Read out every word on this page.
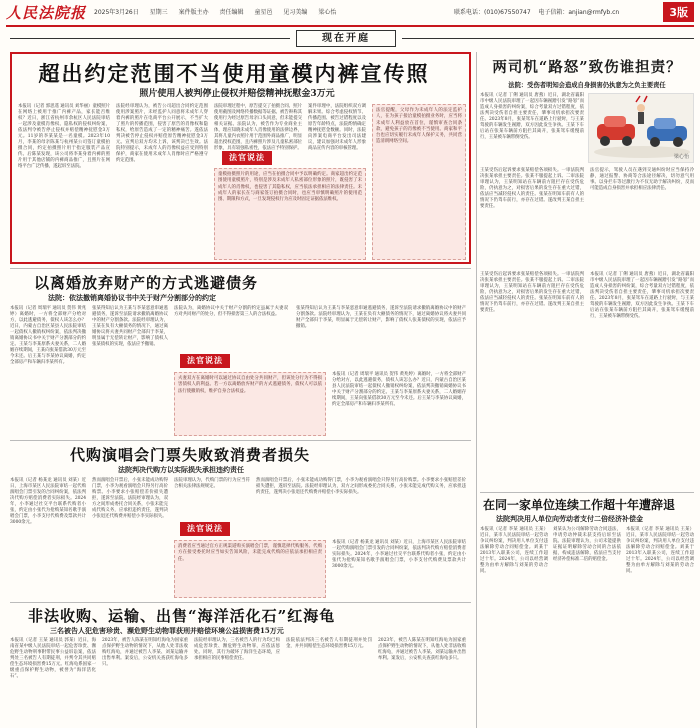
人民法院报 2025年3月26日 星期三 案件版主办 责任编辑 童星邑 见习美编 梁心怡	联系电话：(010)67550747 电子信箱：anjian@rmfyb.cn	3版
现在开庭
超出约定范围不当使用童模内裤宣传照
照片使用人被判停止侵权并赔偿精神抚慰金3万元
本报讯（记者 郭思遥 通讯员 刘华丽）童模照片在网络上被用于推广内裤产品，家长能否维权？近日，浙江省杭州市余杭区人民法院审结一起涉及童模肖像权、隐私权的侵权纠纷案，依法判令被告停止侵权并赔偿精神抚慰金3万元。11岁的李某某是一名童模。2023年10月，李某的母亲陈某与杭州某公司签订童模拍摄合同，约定拍摄照片用于指定服装产品宣传。后陈某发现，该公司将李某身着内裤的照片用于其他店铺的内裤商品推广，且照片在网络平台广泛传播，遂起诉至法院。
法院经审理认为，被告公司超出合同约定范围使用涉案照片，未经监护人同意将未成年人穿着内裤的照片在电商平台公开展示，不当扩大了照片的传播范围，侵害了原告的肖像权和隐私权，给原告造成了一定的精神痛苦。遂依法判决被告停止侵权并赔偿原告精神抚慰金3万元。宣判后双方均未上诉，该判决已生效。法院特别提示，未成年人的肖像权益应受到特别保护，商家在使用未成年人肖像时应严格遵守约定范围。
法院审理过程中，原告提交了拍摄合同、照片使用截图及网络传播数据等证据。被告辩称其使用行为经过原告母亲口头同意，但未能提交相关证据。法院认为，被告作为专业商业主体，理应知晓未成年人肖像使用的法律边界，其将儿童内衣照片用于范围外商品推广，明显超出授权范围，且内裤照片涉及儿童私密部位形象，具有较强私密性，依法应予特别保护。
案件审理中，法院组织双方调解未果。综合考虑侵权情节、传播范围、被告过错程度以及原告年龄特点，法院酌情确定精神抚慰金数额。同时，法院向涉案电商平台发出司法建议，建议加强对未成年人形象商品宣传内容的审核管理。
法官说法
童模拍摄照片的用途，应当在拍摄合同中予以明确约定。商家超出约定范围使用童模照片，特别是涉及未成年人私密部位形象的照片，既侵害了未成年人的肖像权，也侵害了其隐私权，应当依法承担相应的法律责任。未成年人的家长在与商家签订拍摄合同时，也应当审慎明确照片的使用范围、期限和方式，一旦发现侵权行为应及时固定证据依法维权。
法官提醒，父母作为未成年人的法定监护人，在为孩子接洽童模拍摄业务时，应当将未成年人利益放在首位，谨慎审查合同条款，避免孩子的肖像被不当使用。商家和平台也应切实履行未成年人保护义务，共同营造清朗网络空间。
两司机“路怒”致伤谁担责？
法院：受伤者明知会造成自身损害仍执意为之负主要责任
梁心怡
本报讯（记者 丁俐 通讯员 唐燕）近日，湖北省襄阳市中级人民法院审理了一起因车辆剐蹭引发“路怒”而造成人身损害的纠纷案，综合考量双方过错程度，依法判决受伤者自担主要责任，肇事司机承担次要责任。2023年8月，张某驾车在道路上行驶时，与王某驾驶的车辆发生剐蹭，双方因此发生争执。王某下车后站在张某车辆前方阻拦其离开，张某驾车缓慢前行，王某被车辆带倒受伤。
王某受伤后起诉要求张某赔偿各项损失。一审法院判决张某承担主要责任。张某不服提起上诉。二审法院审理认为，王某明知站在车辆前方阻拦存在受伤危险，仍执意为之，对损害后果的发生存在重大过错，依法应当减轻侵权人的责任。张某在明知车前有人的情况下仍驾车前行，亦存在过错。遂改判王某自担主要责任。
法官提示，驾驶人员在遇到交通纠纷时应当保持冷静，通过报警、协商等合法途径解决，切勿意气用事。以身拦车等过激行为不仅无助于解决纠纷，反而可能造成自身损害并承担相应法律责任。
王某受伤后起诉要求张某赔偿各项损失。一审法院判决张某承担主要责任。张某不服提起上诉。二审法院审理认为，王某明知站在车辆前方阻拦存在受伤危险，仍执意为之，对损害后果的发生存在重大过错，依法应当减轻侵权人的责任。张某在明知车前有人的情况下仍驾车前行，亦存在过错。遂改判王某自担主要责任。
本报讯（记者 丁俐 通讯员 唐燕）近日，湖北省襄阳市中级人民法院审理了一起因车辆剐蹭引发“路怒”而造成人身损害的纠纷案，综合考量双方过错程度，依法判决受伤者自担主要责任，肇事司机承担次要责任。2023年8月，张某驾车在道路上行驶时，与王某驾驶的车辆发生剐蹭，双方因此发生争执。王某下车后站在张某车辆前方阻拦其离开，张某驾车缓慢前行，王某被车辆带倒受伤。
以离婚放弃财产的方式逃避债务
法院：依法撤销离婚协议书中关于财产分割部分的约定
本报讯（记者 周瑞平 通讯员 贺伟 黄兆婷）离婚时，一方将全部财产分给对方，以此逃避债务，债权人该怎么办？近日，内蒙古自治区某县人民法院审结一起债权人撤销权纠纷案，依法判决撤销离婚协议书中关于财产分割部分的约定。王某与李某原系夫妻关系，二人婚姻存续期间，王某向张某借款30万元至今未还。后王某与李某协议离婚，约定全部房产和车辆归李某所有。
张某得知后认为王某与李某恶意串通逃避债务，遂诉至法院请求撤销离婚协议中的财产分割条款。法院经审理认为，王某在负有大额债务的情况下，通过离婚协议将夫妻共同财产全部归于李某，明显属于无偿转让财产，影响了债权人张某债权的实现，依法应予撤销。
法院认为，离婚协议中关于财产分割的约定虽属于夫妻双方对共同财产的处分，但不得损害第三人的合法权益。
张某得知后认为王某与李某恶意串通逃避债务，遂诉至法院请求撤销离婚协议中的财产分割条款。法院经审理认为，王某在负有大额债务的情况下，通过离婚协议将夫妻共同财产全部归于李某，明显属于无偿转让财产，影响了债权人张某债权的实现，依法应予撤销。
法官说法
夫妻双方在离婚时可以通过协议自由处分共同财产，但该处分行为不得损害债权人的利益。若一方以离婚放弃财产的方式逃避债务，债权人可以依法行使撤销权，维护自身合法权益。
本报讯（记者 周瑞平 通讯员 贺伟 黄兆婷）离婚时，一方将全部财产分给对方，以此逃避债务，债权人该怎么办？近日，内蒙古自治区某县人民法院审结一起债权人撤销权纠纷案，依法判决撤销离婚协议书中关于财产分割部分的约定。王某与李某原系夫妻关系，二人婚姻存续期间，王某向张某借款30万元至今未还。后王某与李某协议离婚，约定全部房产和车辆归李某所有。
代购演唱会门票失败致消费者损失
法院判决代购方以实际损失承担违约责任
本报讯（记者 杨某龙 通讯员 刘某）近日，上海市某区人民法院审结一起代购演唱会门票引发的合同纠纷案，依法判决代购方赔偿消费者实际损失。2024年，小李通过社交平台联系代购者小张，约定由小张代为抢购某知名歌手演唱会门票，小李支付代购费及票款共计3000余元。
然而演唱会开票后，小张未能成功购得门票，小李为观看演唱会只得另行高价购票。小李要求小张赔偿差价损失遭拒，遂诉至法院。法院经审理认为，双方之间形成委托合同关系，小张未能完成代购义务，应承担违约责任，遂判决小张退还代购费并赔偿小李实际损失。
法院审理认为，代购门票的行为应当符合相关法律法规规定。
然而演唱会开票后，小张未能成功购得门票，小李为观看演唱会只得另行高价购票。小李要求小张赔偿差价损失遭拒，遂诉至法院。法院经审理认为，双方之间形成委托合同关系，小张未能完成代购义务，应承担违约责任，遂判决小张退还代购费并赔偿小李实际损失。
法官说法
消费者应当通过官方正规渠道购买演唱会门票，谨慎选择代购服务。代购方在接受委托时应当如实告知风险，未能完成代购的应依法承担相应责任。
本报讯（记者 杨某龙 通讯员 刘某）近日，上海市某区人民法院审结一起代购演唱会门票引发的合同纠纷案，依法判决代购方赔偿消费者实际损失。2024年，小李通过社交平台联系代购者小张，约定由小张代为抢购某知名歌手演唱会门票，小李支付代购费及票款共计3000余元。
非法收购、运输、出售“海洋活化石”红海龟
三名被告人犯危害珍贵、濒危野生动物罪获刑并赔偿环境公益损害费15万元
本报讯（记者 王某 通讯员 郭某）近日，海南省某中级人民法院审结一起危害珍贵、濒危野生动物刑事附带民事公益诉讼案，依法判处三名被告人有期徒刑，并判令其共同赔偿生态环境损害费15万元。红海龟系国家一级重点保护野生动物，被誉为“海洋活化石”。
2023年，被告人陈某在明知红海龟为国家重点保护野生动物的情况下，从他人处非法收购红海龟，并通过被告人李某、刘某运输并出售牟利。案发后，公安机关查获红海龟多只。
法院经审理认为，三名被告人的行为均已构成危害珍贵、濒危野生动物罪，应依法惩处。同时，其行为破坏了海洋生态环境，应承担相应的民事赔偿责任。
法院依法判决三名被告人有期徒刑并处罚金，并共同赔偿生态环境损害费15万元。
2023年，被告人陈某在明知红海龟为国家重点保护野生动物的情况下，从他人处非法收购红海龟，并通过被告人李某、刘某运输并出售牟利。案发后，公安机关查获红海龟多只。
在同一家单位连续工作超十年遭辞退
法院判决用人单位向劳动者支付二倍经济补偿金
本报讯（记者 李某 通讯员 王某）近日，某市人民法院审结一起劳动争议纠纷案，判决用人单位支付违法解除劳动合同赔偿金。刘某于2013年入职某公司，连续工作超过十年。2024年，公司以经营调整为由单方解除与刘某的劳动合同。
刘某认为公司解除劳动合同违法，申请劳动仲裁未获支持后诉至法院。法院审理认为，公司未能提供证据证明解除劳动合同的合法依据，构成违法解除，依法应当支付经济补偿标准二倍的赔偿金。
本报讯（记者 李某 通讯员 王某）近日，某市人民法院审结一起劳动争议纠纷案，判决用人单位支付违法解除劳动合同赔偿金。刘某于2013年入职某公司，连续工作超过十年。2024年，公司以经营调整为由单方解除与刘某的劳动合同。
